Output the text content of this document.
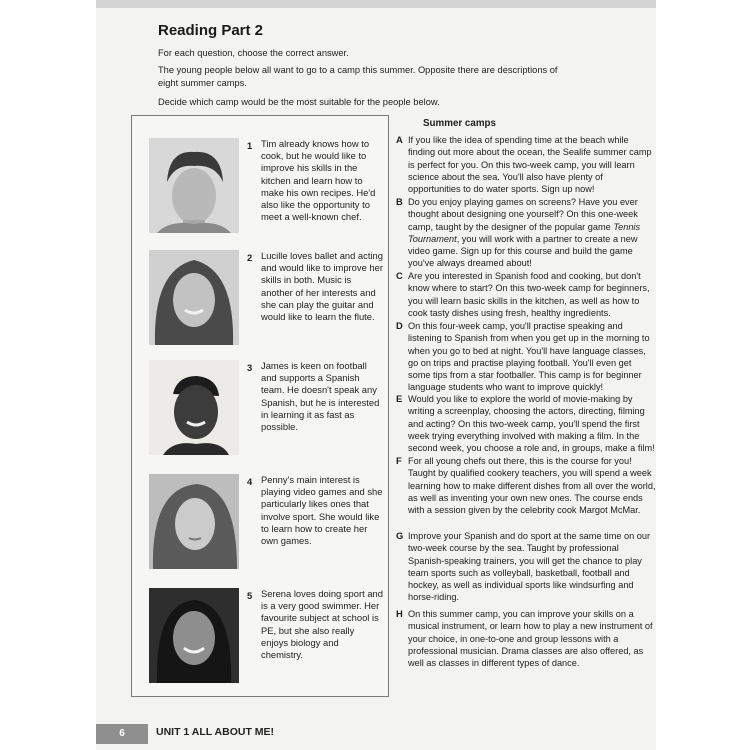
Reading Part 2
For each question, choose the correct answer.
The young people below all want to go to a camp this summer. Opposite there are descriptions of eight summer camps.
Decide which camp would be the most suitable for the people below.
1 Tim already knows how to cook, but he would like to improve his skills in the kitchen and learn how to make his own recipes. He'd also like the opportunity to meet a well-known chef.
2 Lucille loves ballet and acting and would like to improve her skills in both. Music is another of her interests and she can play the guitar and would like to learn the flute.
3 James is keen on football and supports a Spanish team. He doesn't speak any Spanish, but he is interested in learning it as fast as possible.
4 Penny's main interest is playing video games and she particularly likes ones that involve sport. She would like to learn how to create her own games.
5 Serena loves doing sport and is a very good swimmer. Her favourite subject at school is PE, but she also really enjoys biology and chemistry.
Summer camps
A If you like the idea of spending time at the beach while finding out more about the ocean, the Sealife summer camp is perfect for you. On this two-week camp, you will learn science about the sea. You'll also have plenty of opportunities to do water sports. Sign up now!
B Do you enjoy playing games on screens? Have you ever thought about designing one yourself? On this one-week camp, taught by the designer of the popular game Tennis Tournament, you will work with a partner to create a new video game. Sign up for this course and build the game you've always dreamed about!
C Are you interested in Spanish food and cooking, but don't know where to start? On this two-week camp for beginners, you will learn basic skills in the kitchen, as well as how to cook tasty dishes using fresh, healthy ingredients.
D On this four-week camp, you'll practise speaking and listening to Spanish from when you get up in the morning to when you go to bed at night. You'll have language classes, go on trips and practise playing football. You'll even get some tips from a star footballer. This camp is for beginner language students who want to improve quickly!
E Would you like to explore the world of movie-making by writing a screenplay, choosing the actors, directing, filming and acting? On this two-week camp, you'll spend the first week trying everything involved with making a film. In the second week, you choose a role and, in groups, make a film!
F For all young chefs out there, this is the course for you! Taught by qualified cookery teachers, you will spend a week learning how to make different dishes from all over the world, as well as inventing your own new ones. The course ends with a session given by the celebrity cook Margot McMar.
G Improve your Spanish and do sport at the same time on our two-week course by the sea. Taught by professional Spanish-speaking trainers, you will get the chance to play team sports such as volleyball, basketball, football and hockey, as well as individual sports like windsurfing and horse-riding.
H On this summer camp, you can improve your skills on a musical instrument, or learn how to play a new instrument of your choice, in one-to-one and group lessons with a professional musician. Drama classes are also offered, as well as classes in different types of dance.
6	UNIT 1 ALL ABOUT ME!
